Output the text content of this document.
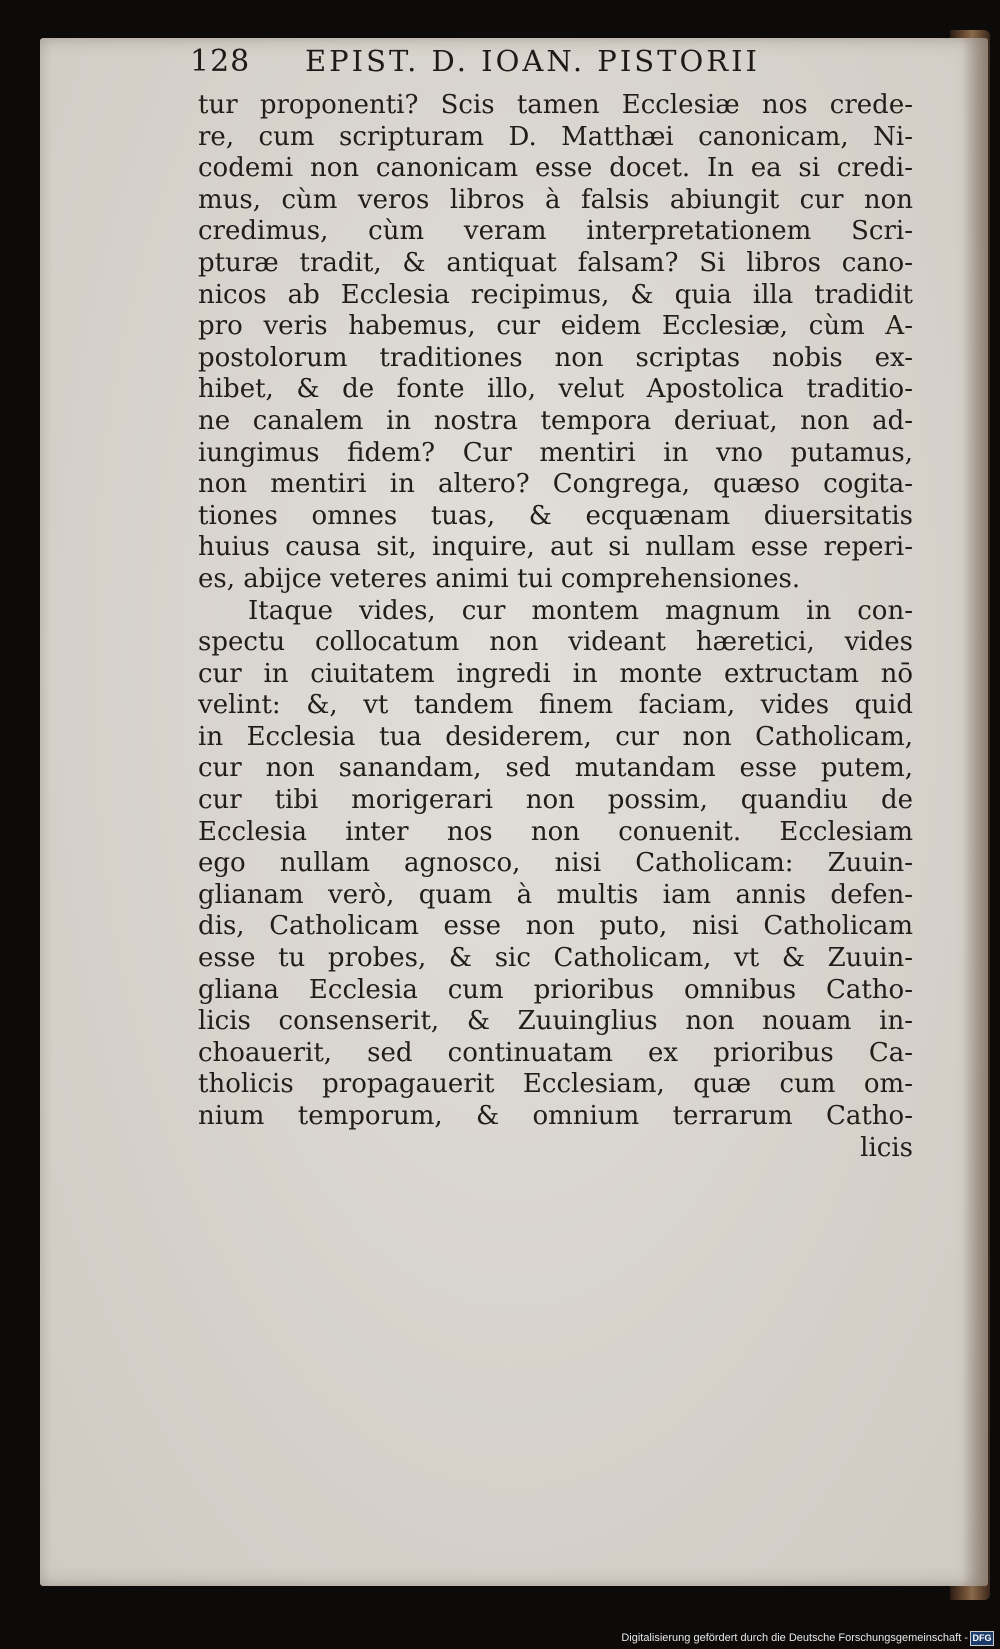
128 EPIST. D. IOAN. PISTORII
tur proponenti? Scis tamen Ecclesiæ nos crede-
re, cum scripturam D. Matthæi canonicam, Ni-
codemi non canonicam esse docet. In ea si credi-
mus, cùm veros libros à falsis abiungit cur non
credimus, cùm veram interpretationem Scri-
pturæ tradit, & antiquat falsam? Si libros cano-
nicos ab Ecclesia recipimus, & quia illa tradidit
pro veris habemus, cur eidem Ecclesiæ, cùm A-
postolorum traditiones non scriptas nobis ex-
hibet, & de fonte illo, velut Apostolica traditio-
ne canalem in nostra tempora deriuat, non ad-
iungimus fidem? Cur mentiri in vno putamus,
non mentiri in altero? Congrega, quæso cogita-
tiones omnes tuas, & ecquænam diuersitatis
huius causa sit, inquire, aut si nullam esse reperi-
es, abijce veteres animi tui comprehensiones.
Itaque vides, cur montem magnum in con-
spectu collocatum non videant hæretici, vides
cur in ciuitatem ingredi in monte extructam nō
velint: &, vt tandem finem faciam, vides quid
in Ecclesia tua desiderem, cur non Catholicam,
cur non sanandam, sed mutandam esse putem,
cur tibi morigerari non possim, quandiu de
Ecclesia inter nos non conuenit. Ecclesiam
ego nullam agnosco, nisi Catholicam: Zuuin-
glianam verò, quam à multis iam annis defen-
dis, Catholicam esse non puto, nisi Catholicam
esse tu probes, & sic Catholicam, vt & Zuuin-
gliana Ecclesia cum prioribus omnibus Catho-
licis consenserit, & Zuuinglius non nouam in-
choauerit, sed continuatam ex prioribus Ca-
tholicis propagauerit Ecclesiam, quæ cum om-
nium temporum, & omnium terrarum Catho-
licis
Digitalisierung gefördert durch die Deutsche Forschungsgemeinschaft - DFG
